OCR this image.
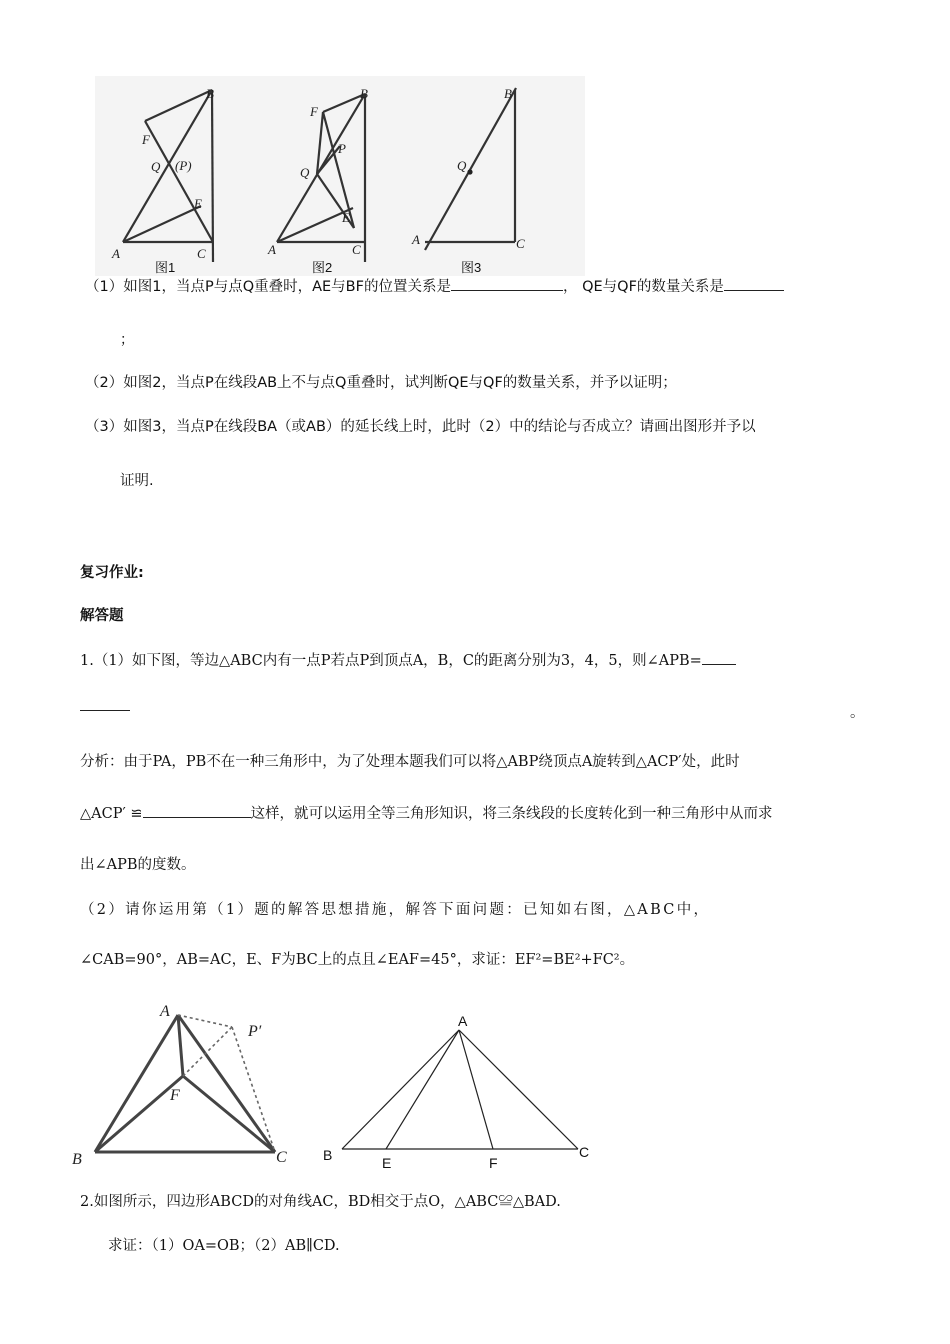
B
F
Q (P)
E
A	C
图1
B
F
P
Q
E
A	C
图2
B
Q
A	C
图3
（1）如图1，当点P与点Q重叠时，AE与BF的位置关系是	， QE与QF的数量关系是
；
（2）如图2，当点P在线段AB上不与点Q重叠时，试判断QE与QF的数量关系，并予以证明；
（3）如图3，当点P在线段BA（或AB）的延长线上时，此时（2）中的结论与否成立？请画出图形并予以
证明.
复习作业:
解答题
1.（1）如下图，等边△ABC内有一点P若点P到顶点A，B，C的距离分别为3，4，5，则∠APB=
。
分析：由于PA，PB不在一种三角形中，为了处理本题我们可以将△ABP绕顶点A旋转到△ACP′处，此时
△ACP′ ≌	这样，就可以运用全等三角形知识，将三条线段的长度转化到一种三角形中从而求
出∠APB的度数。
（2）请你运用第（1）题的解答思想措施，解答下面问题：已知如右图，△ABC中，
∠CAB=90°，AB=AC，E、F为BC上的点且∠EAF=45°，求证：EF²=BE²+FC²。
A
P′
F
B	C
A
B	E	F
C
2.如图所示，四边形ABCD的对角线AC，BD相交于点O，△ABC≌△BAD.
求证：（1）OA=OB；（2）AB∥CD.
